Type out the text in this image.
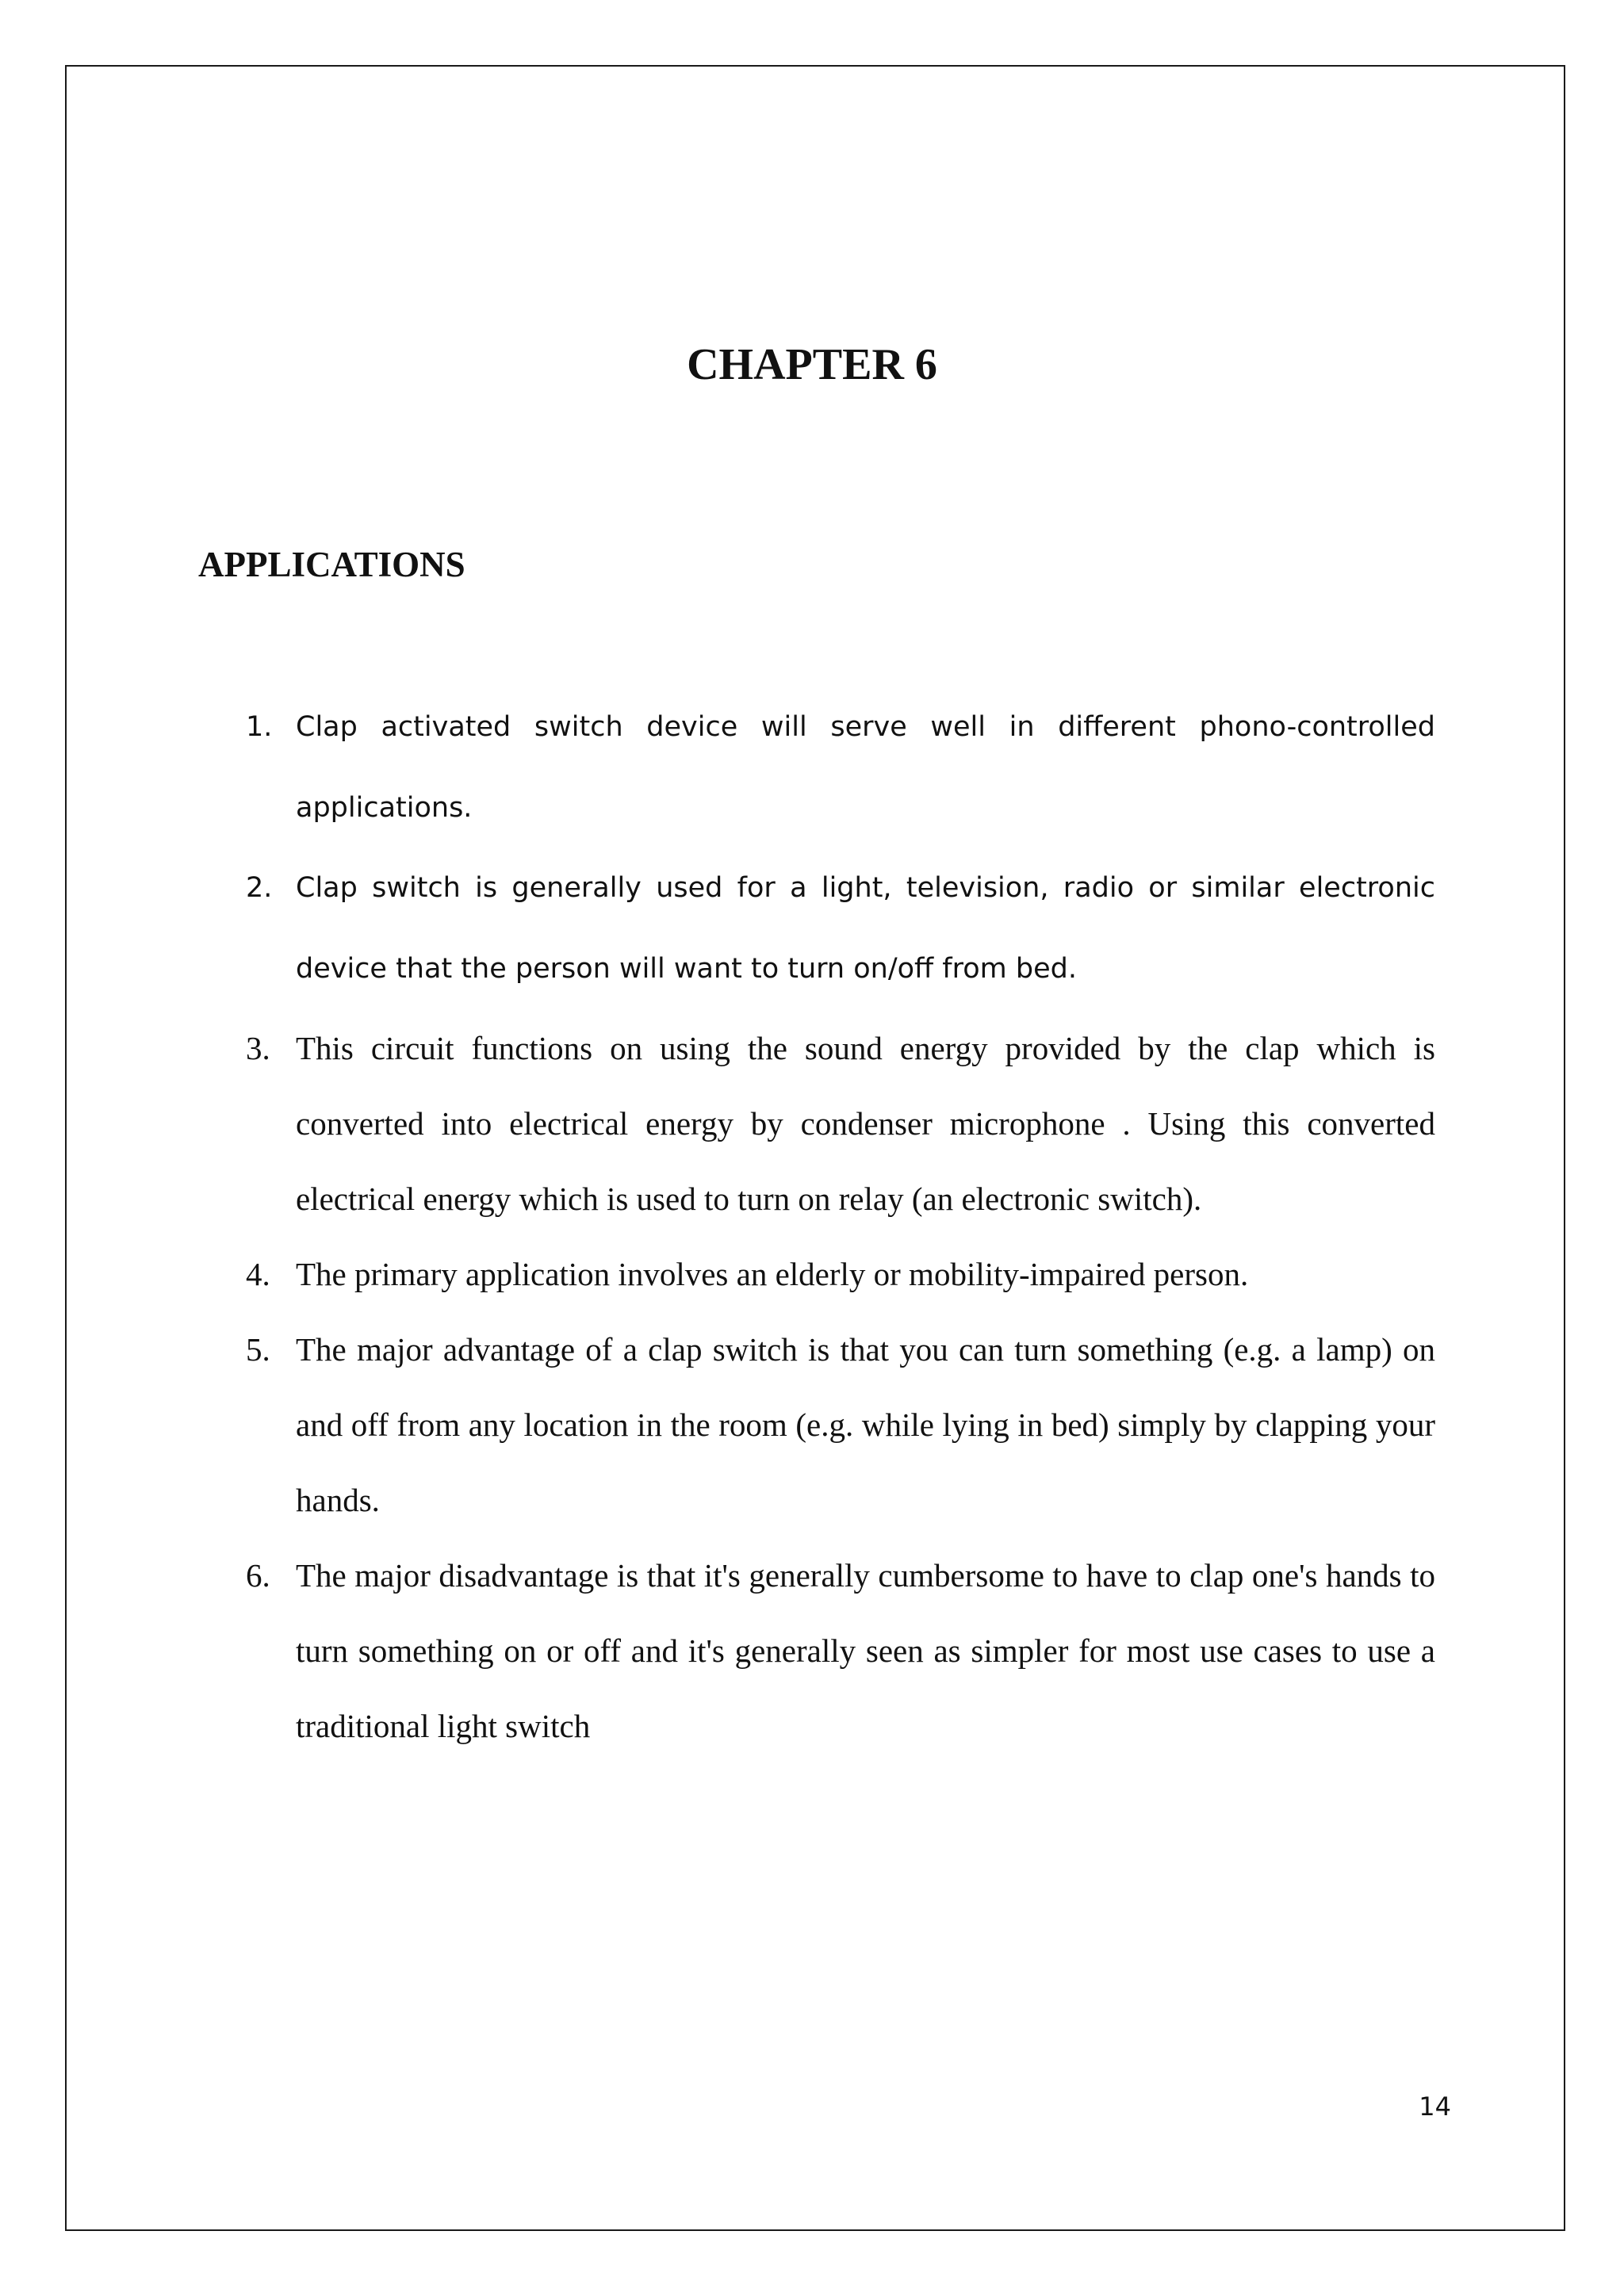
CHAPTER 6
APPLICATIONS
1. Clap activated switch device will serve well in different phono-controlled applications.
2. Clap switch is generally used for a light, television, radio or similar electronic device that the person will want to turn on/off from bed.
3. This circuit functions on using the sound energy provided by the clap which is converted into electrical energy by condenser microphone . Using this converted electrical energy which is used to turn on relay (an electronic switch).
4. The primary application involves an elderly or mobility-impaired person.
5. The major advantage of a clap switch is that you can turn something (e.g. a lamp) on and off from any location in the room (e.g. while lying in bed) simply by clapping your hands.
6. The major disadvantage is that it's generally cumbersome to have to clap one's hands to turn something on or off and it's generally seen as simpler for most use cases to use a traditional light switch
14
